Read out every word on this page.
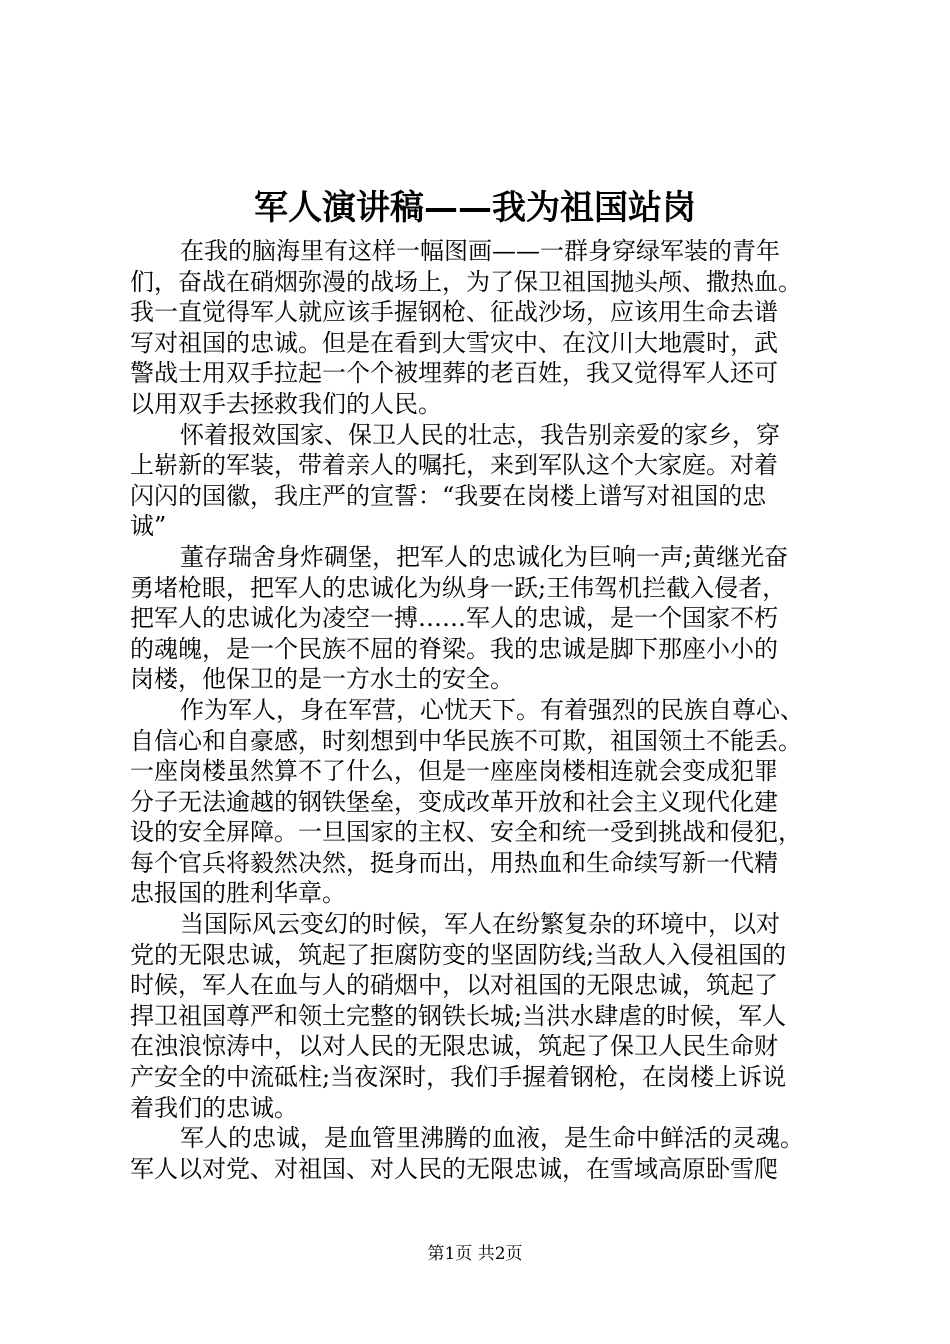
军人演讲稿——我为祖国站岗
在我的脑海里有这样一幅图画——一群身穿绿军装的青年
们，奋战在硝烟弥漫的战场上，为了保卫祖国抛头颅、撒热血。
我一直觉得军人就应该手握钢枪、征战沙场，应该用生命去谱
写对祖国的忠诚。但是在看到大雪灾中、在汶川大地震时，武
警战士用双手拉起一个个被埋葬的老百姓，我又觉得军人还可
以用双手去拯救我们的人民。
怀着报效国家、保卫人民的壮志，我告别亲爱的家乡，穿
上崭新的军装，带着亲人的嘱托，来到军队这个大家庭。对着
闪闪的国徽，我庄严的宣誓：“我要在岗楼上谱写对祖国的忠
诚”
董存瑞舍身炸碉堡，把军人的忠诚化为巨响一声;黄继光奋
勇堵枪眼，把军人的忠诚化为纵身一跃;王伟驾机拦截入侵者，
把军人的忠诚化为凌空一搏……军人的忠诚，是一个国家不朽
的魂魄，是一个民族不屈的脊梁。我的忠诚是脚下那座小小的
岗楼，他保卫的是一方水土的安全。
作为军人，身在军营，心忧天下。有着强烈的民族自尊心、
自信心和自豪感，时刻想到中华民族不可欺，祖国领土不能丢。
一座岗楼虽然算不了什么，但是一座座岗楼相连就会变成犯罪
分子无法逾越的钢铁堡垒，变成改革开放和社会主义现代化建
设的安全屏障。一旦国家的主权、安全和统一受到挑战和侵犯，
每个官兵将毅然决然，挺身而出，用热血和生命续写新一代精
忠报国的胜利华章。
当国际风云变幻的时候，军人在纷繁复杂的环境中，以对
党的无限忠诚，筑起了拒腐防变的坚固防线;当敌人入侵祖国的
时候，军人在血与人的硝烟中，以对祖国的无限忠诚，筑起了
捍卫祖国尊严和领土完整的钢铁长城;当洪水肆虐的时候，军人
在浊浪惊涛中，以对人民的无限忠诚，筑起了保卫人民生命财
产安全的中流砥柱;当夜深时，我们手握着钢枪，在岗楼上诉说
着我们的忠诚。
军人的忠诚，是血管里沸腾的血液，是生命中鲜活的灵魂。
军人以对党、对祖国、对人民的无限忠诚，在雪域高原卧雪爬
第1页 共2页
